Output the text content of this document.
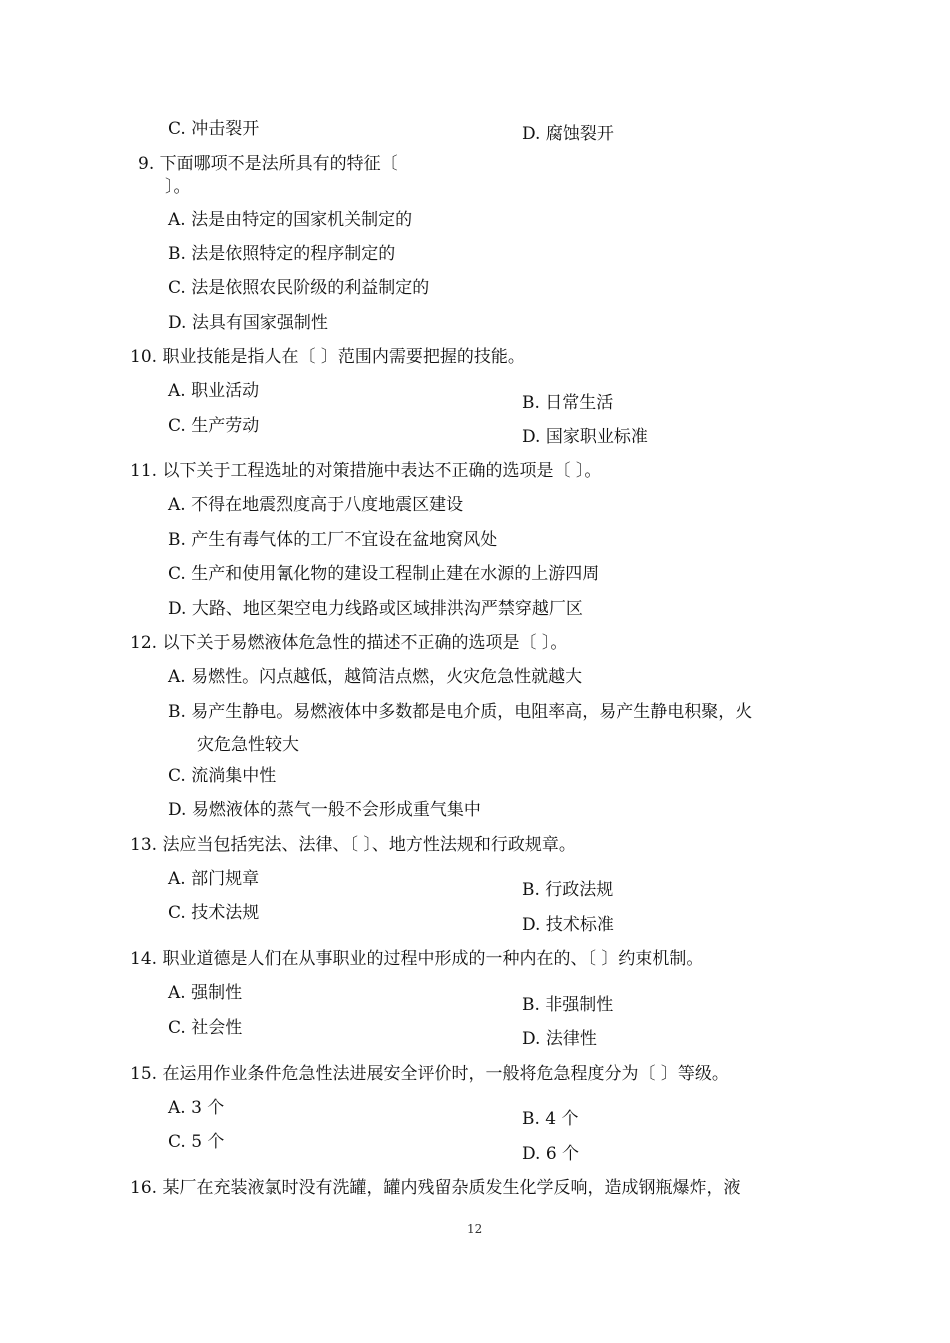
C. 冲击裂开	D. 腐蚀裂开
9. 下面哪项不是法所具有的特征〔
〕。
A. 法是由特定的国家机关制定的
B. 法是依照特定的程序制定的
C. 法是依照农民阶级的利益制定的
D. 法具有国家强制性
10. 职业技能是指人在〔 〕范围内需要把握的技能。
A. 职业活动
B. 日常生活
C. 生产劳动
D. 国家职业标准
11. 以下关于工程选址的对策措施中表达不正确的选项是〔 〕。
A. 不得在地震烈度高于八度地震区建设
B. 产生有毒气体的工厂不宜设在盆地窝风处
C. 生产和使用氰化物的建设工程制止建在水源的上游四周
D. 大路、地区架空电力线路或区域排洪沟严禁穿越厂区
12. 以下关于易燃液体危急性的描述不正确的选项是〔 〕。
A. 易燃性。闪点越低，越简洁点燃，火灾危急性就越大
B. 易产生静电。易燃液体中多数都是电介质，电阻率高，易产生静电积聚，火
灾危急性较大
C. 流淌集中性
D. 易燃液体的蒸气一般不会形成重气集中
13. 法应当包括宪法、法律、〔 〕、地方性法规和行政规章。
A. 部门规章
B. 行政法规
C. 技术法规
D. 技术标准
14. 职业道德是人们在从事职业的过程中形成的一种内在的、〔 〕约束机制。
A. 强制性
B. 非强制性
C. 社会性
D. 法律性
15. 在运用作业条件危急性法进展安全评价时，一般将危急程度分为〔 〕等级。
A. 3 个
B. 4 个
C. 5 个
D. 6 个
16. 某厂在充装液氯时没有洗罐，罐内残留杂质发生化学反响，造成钢瓶爆炸，液
12
